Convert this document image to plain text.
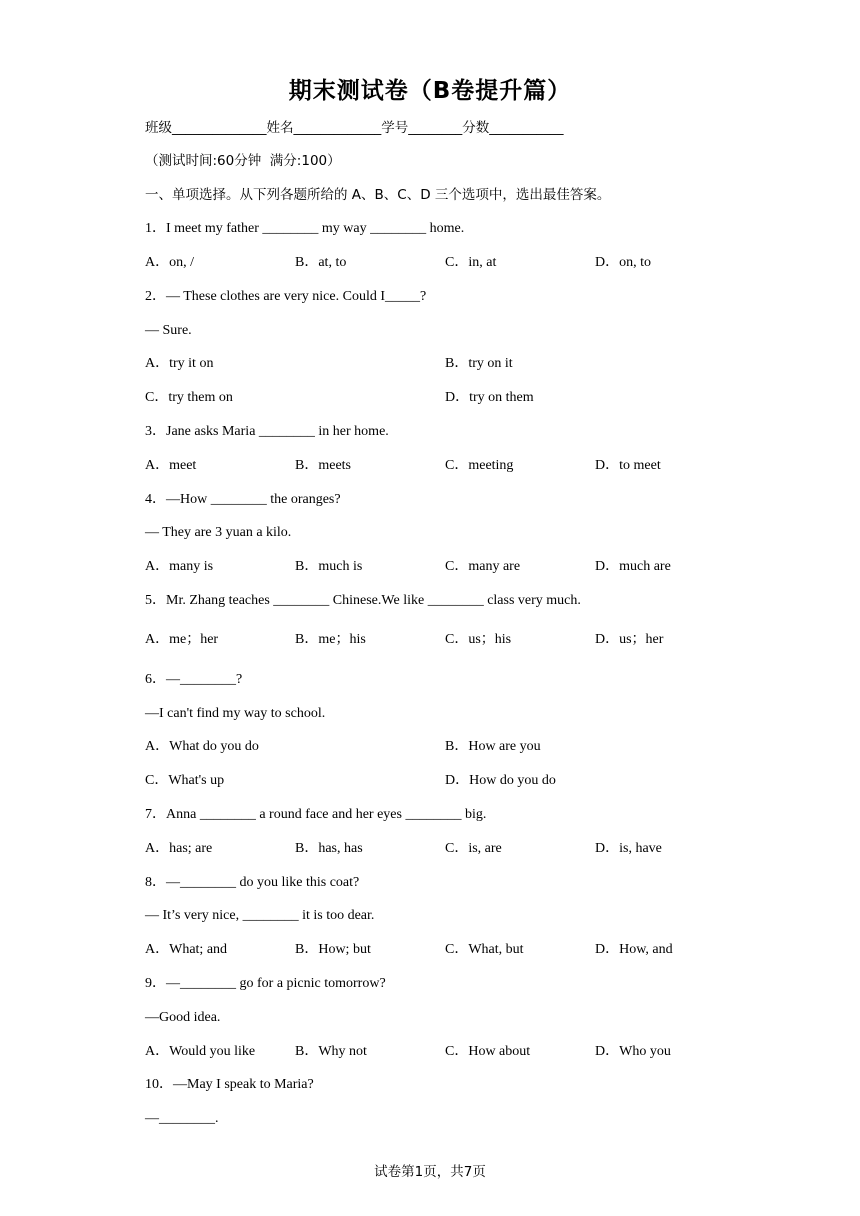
期末测试卷（B卷提升篇）
班级______________姓名_____________学号________分数___________
（测试时间:60分钟  满分:100）
一、单项选择。从下列各题所给的 A、B、C、D 三个选项中，选出最佳答案。
1．I meet my father ________ my way ________ home.
A．on, /	B．at, to	C．in, at	D．on, to
2．— These clothes are very nice. Could I_____?
— Sure.
A．try it on	B．try on it
C．try them on	D．try on them
3．Jane asks Maria ________ in her home.
A．meet	B．meets	C．meeting	D．to meet
4．—How ________ the oranges?
— They are 3 yuan a kilo.
A．many is	B．much is	C．many are	D．much are
5．Mr. Zhang teaches ________ Chinese.We like ________ class very much.
A．me；her	B．me；his	C．us；his	D．us；her
6．—________?
—I can't find my way to school.
A．What do you do	B．How are you
C．What's up	D．How do you do
7．Anna ________ a round face and her eyes ________ big.
A．has; are	B．has, has	C．is, are	D．is, have
8．—________ do you like this coat?
— It’s very nice, ________ it is too dear.
A．What; and	B．How; but	C．What, but	D．How, and
9．—________ go for a picnic tomorrow?
—Good idea.
A．Would you like	B．Why not	C．How about	D．Who you
10．—May I speak to Maria?
—________.
试卷第1页，共7页
